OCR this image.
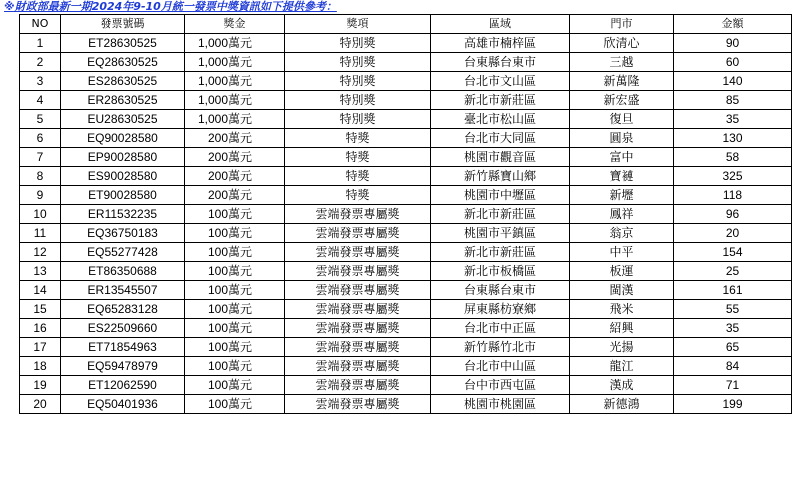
※財政部最新一期2024年9-10月統一發票中獎資訊如下提供參考：
NO	發票號碼	獎金	獎項	區域	門市	金額
1	ET28630525	1,000萬元	特別獎	高雄市楠梓區	欣清心	90
2	EQ28630525	1,000萬元	特別獎	台東縣台東市	三越	60
3	ES28630525	1,000萬元	特別獎	台北市文山區	新萬隆	140
4	ER28630525	1,000萬元	特別獎	新北市新莊區	新宏盛	85
5	EU28630525	1,000萬元	特別獎	臺北市松山區	復旦	35
6	EQ90028580	200萬元	特獎	台北市大同區	圓泉	130
7	EP90028580	200萬元	特獎	桃園市觀音區	富中	58
8	ES90028580	200萬元	特獎	新竹縣寶山鄉	寶褳	325
9	ET90028580	200萬元	特獎	桃園市中壢區	新壢	118
10	ER11532235	100萬元	雲端發票專屬獎	新北市新莊區	鳳祥	96
11	EQ36750183	100萬元	雲端發票專屬獎	桃園市平鎮區	翁京	20
12	EQ55277428	100萬元	雲端發票專屬獎	新北市新莊區	中平	154
13	ET86350688	100萬元	雲端發票專屬獎	新北市板橋區	板運	25
14	ER13545507	100萬元	雲端發票專屬獎	台東縣台東市	閩漢	161
15	EQ65283128	100萬元	雲端發票專屬獎	屏東縣枋寮鄉	飛米	55
16	ES22509660	100萬元	雲端發票專屬獎	台北市中正區	紹興	35
17	ET71854963	100萬元	雲端發票專屬獎	新竹縣竹北市	光揚	65
18	EQ59478979	100萬元	雲端發票專屬獎	台北市中山區	龍江	84
19	ET12062590	100萬元	雲端發票專屬獎	台中市西屯區	漢成	71
20	EQ50401936	100萬元	雲端發票專屬獎	桃園市桃園區	新德鴻	199
